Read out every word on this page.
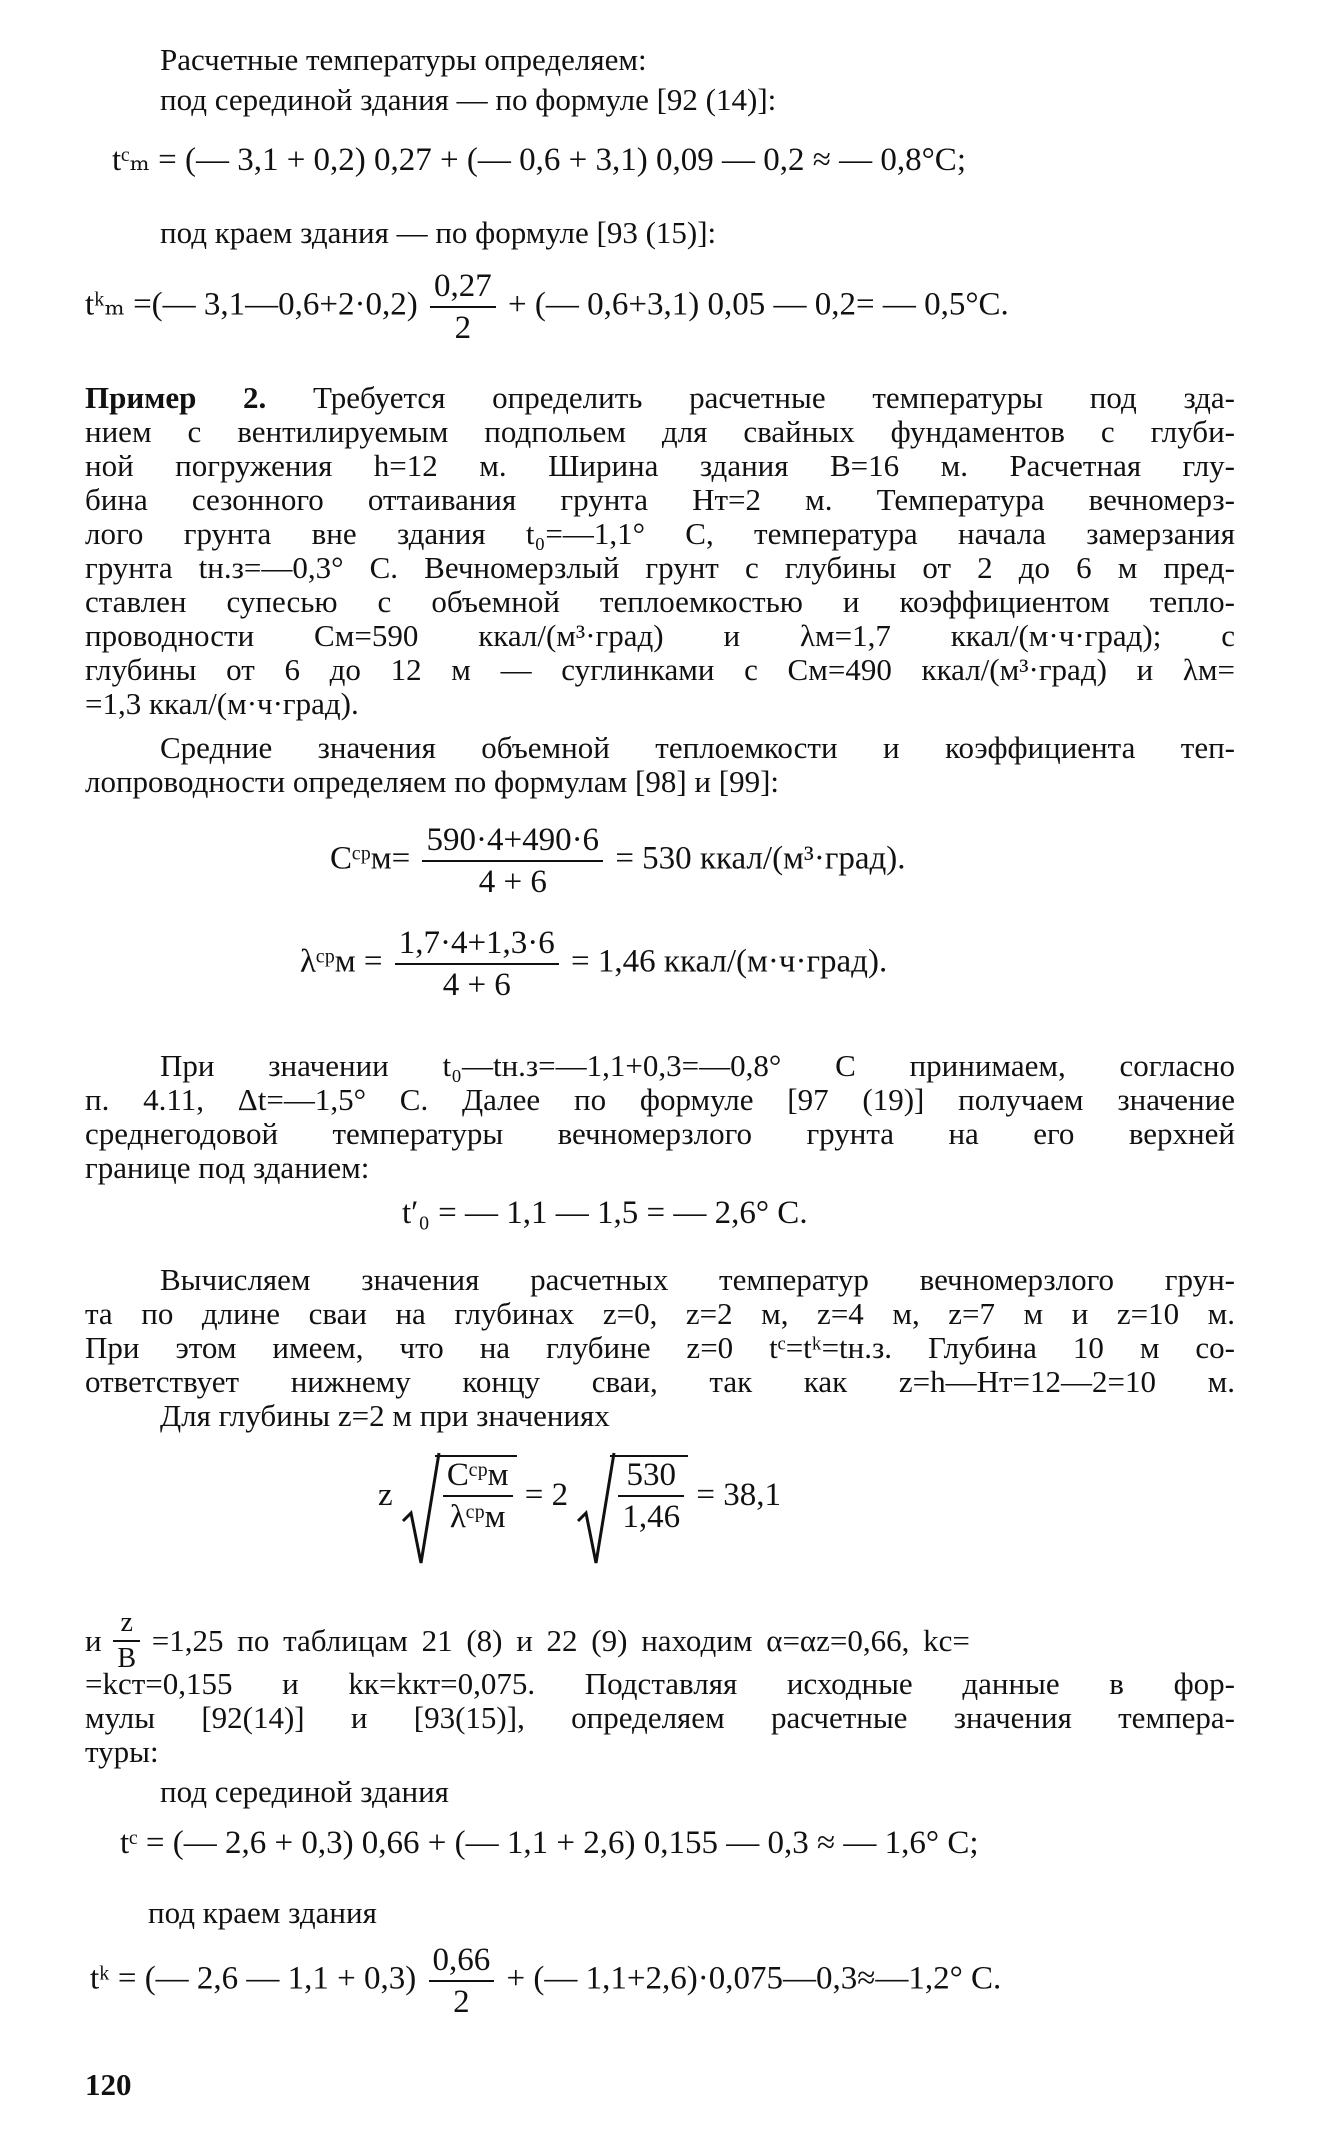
Расчетные температуры определяем:
под серединой здания — по формуле [92 (14)]:
tᶜₘ = (— 3,1 + 0,2) 0,27 + (— 0,6 + 3,1) 0,09 — 0,2 ≈ — 0,8°С;
под краем здания — по формуле [93 (15)]:
tᵏₘ =(— 3,1—0,6+2·0,2) $\frac{0,27}{2}$ + (— 0,6+3,1) 0,05 — 0,2= — 0,5°С.
Пример 2. Требуется определить расчетные температуры под зда-
нием с вентилируемым подпольем для свайных фундаментов с глуби-
ной погружения h=12 м. Ширина здания B=16 м. Расчетная глу-
бина сезонного оттаивания грунта Hт=2 м. Температура вечномерз-
лого грунта вне здания t₀=—1,1° С, температура начала замерзания
грунта tн.з=—0,3° С. Вечномерзлый грунт с глубины от 2 до 6 м пред-
ставлен супесью с объемной теплоемкостью и коэффициентом тепло-
проводности Cм=590 ккал/(м³·град) и λм=1,7 ккал/(м·ч·град); с
глубины от 6 до 12 м — суглинками с Cм=490 ккал/(м³·град) и λм=
=1,3 ккал/(м·ч·град).
Средние значения объемной теплоемкости и коэффициента теп-
лопроводности определяем по формулам [98] и [99]:
Cᶜᵖм= $\frac{590\cdot 4+490\cdot 6}{4 + 6} = 530$ ккал/(м³·град).
λᶜᵖм = $\frac{1,7\cdot 4+1,3\cdot 6}{4 + 6} = 1,46$ ккал/(м·ч·град).
При значении t₀—tн.з=—1,1+0,3=—0,8° С принимаем, согласно
п. 4.11, Δt=—1,5° С. Далее по формуле [97 (19)] получаем значение
среднегодовой температуры вечномерзлого грунта на его верхней
границе под зданием:
t′₀ = — 1,1 — 1,5 = — 2,6° С.
Вычисляем значения расчетных температур вечномерзлого грун-
та по длине сваи на глубинах z=0, z=2 м, z=4 м, z=7 м и z=10 м.
При этом имеем, что на глубине z=0 tᶜ=tᵏ=tн.з. Глубина 10 м со-
ответствует нижнему концу сваи, так как z=h—Hт=12—2=10 м.
Для глубины z=2 м при значениях
z $\frac{\text{Cᶜᵖм}}{\text{λᶜᵖм}} = 2 \frac{530}{1,46} = 38,1$
и $\frac{z}{B} =1,25$ по таблицам 21 (8) и 22 (9) находим α=αz=0,66, kс=
=kcт=0,155 и kк=kкт=0,075. Подставляя исходные данные в фор-
мулы [92(14)] и [93(15)], определяем расчетные значения темпера-
туры:
под серединой здания
tᶜ = (— 2,6 + 0,3) 0,66 + (— 1,1 + 2,6) 0,155 — 0,3 ≈ — 1,6° С;
под краем здания
tᵏ = (— 2,6 — $1,1 + 0,3) \frac{0,66}{2}$ + (— 1,1+2,6)·0,075—0,3≈—1,2° С.
120
